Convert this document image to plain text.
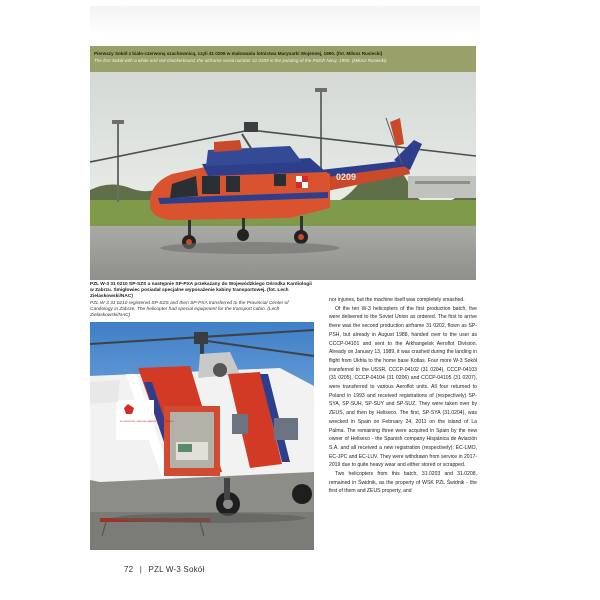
Pierwszy Sokół z biało-czerwoną szachownicą, czyli 31 0209 w malowaniu lotnictwa Marynarki Wojennej, 1990. (fot. Miłosz Rusiecki)
The first Sokół with a white and red checkerboard, the airframe serial number 31 0209 in the painting of the Polish Navy, 1990. (Miłosz Rusiecki)
0209
PZL W-3 31 0210 SP-SZS a następnie SP-PXA przekazany do Wojewódzkiego Ośrodka Kardiologii w Zabrzu. Śmigłowiec posiadał specjalne wyposażenie kabiny transportowej. (fot. Lech Zielaskowski/NAC)
PZL W-3 31 0210 registered SP-SZS and then SP-PXA transferred to the Provincial Center of Cardiology in Zabrze. The helicopter had special equipment for the transport cabin. (Lech Zielaskowski/NAC)
WOJEWÓDZKI OŚRODEK KARDIOLOGII W ZABRZU

nor injuries, but the machine itself was completely smashed.

Of the ten W-3 helicopters of the first production batch, five were delivered to the Soviet Union as ordered. The first to arrive there was the second production airframe 31 0202, flown as SP-PSH, but already in August 1988, handed over to the user as CCCP-04101 and sent to the Arkhangelsk Aeroflot Division. Already on January 13, 1989, it was crashed during the landing in flight from Ukhta to the home base Kotlas. Four more W-3 Sokół transferred to the USSR, CCCP-04102 (31 0204), CCCP-04103 (31 0205), CCCP-04104 (31 0206) and CCCP-04105 (31 0207), were transferred to various Aeroflot units. All four returned to Poland in 1993 and received registrations of (respectively) SP-SYA, SP-SUH, SP-SUY and SP-SUZ. They were taken over by ZEUS, and then by Heliseco. The first, SP-SYA (31.0204), was wrecked in Spain on February 24, 2011 on the island of La Palma. The remaining three were acquired in Spain by the new owner of Heliseco - the Spanish company Hispánica de Aviación S.A. and all received a new registration (respectively): EC-LMO, EC-JPC and EC-LUV. They were withdrawn from service in 2017-2019 due to quite heavy wear and either stored or scrapped.

Two helicopters from this batch, 31.0203 and 31.0208, remained in Świdnik, as the property of WSK PZL Świdnik - the first of them and ZEUS property, and

72 | PZL W-3 Sokół
